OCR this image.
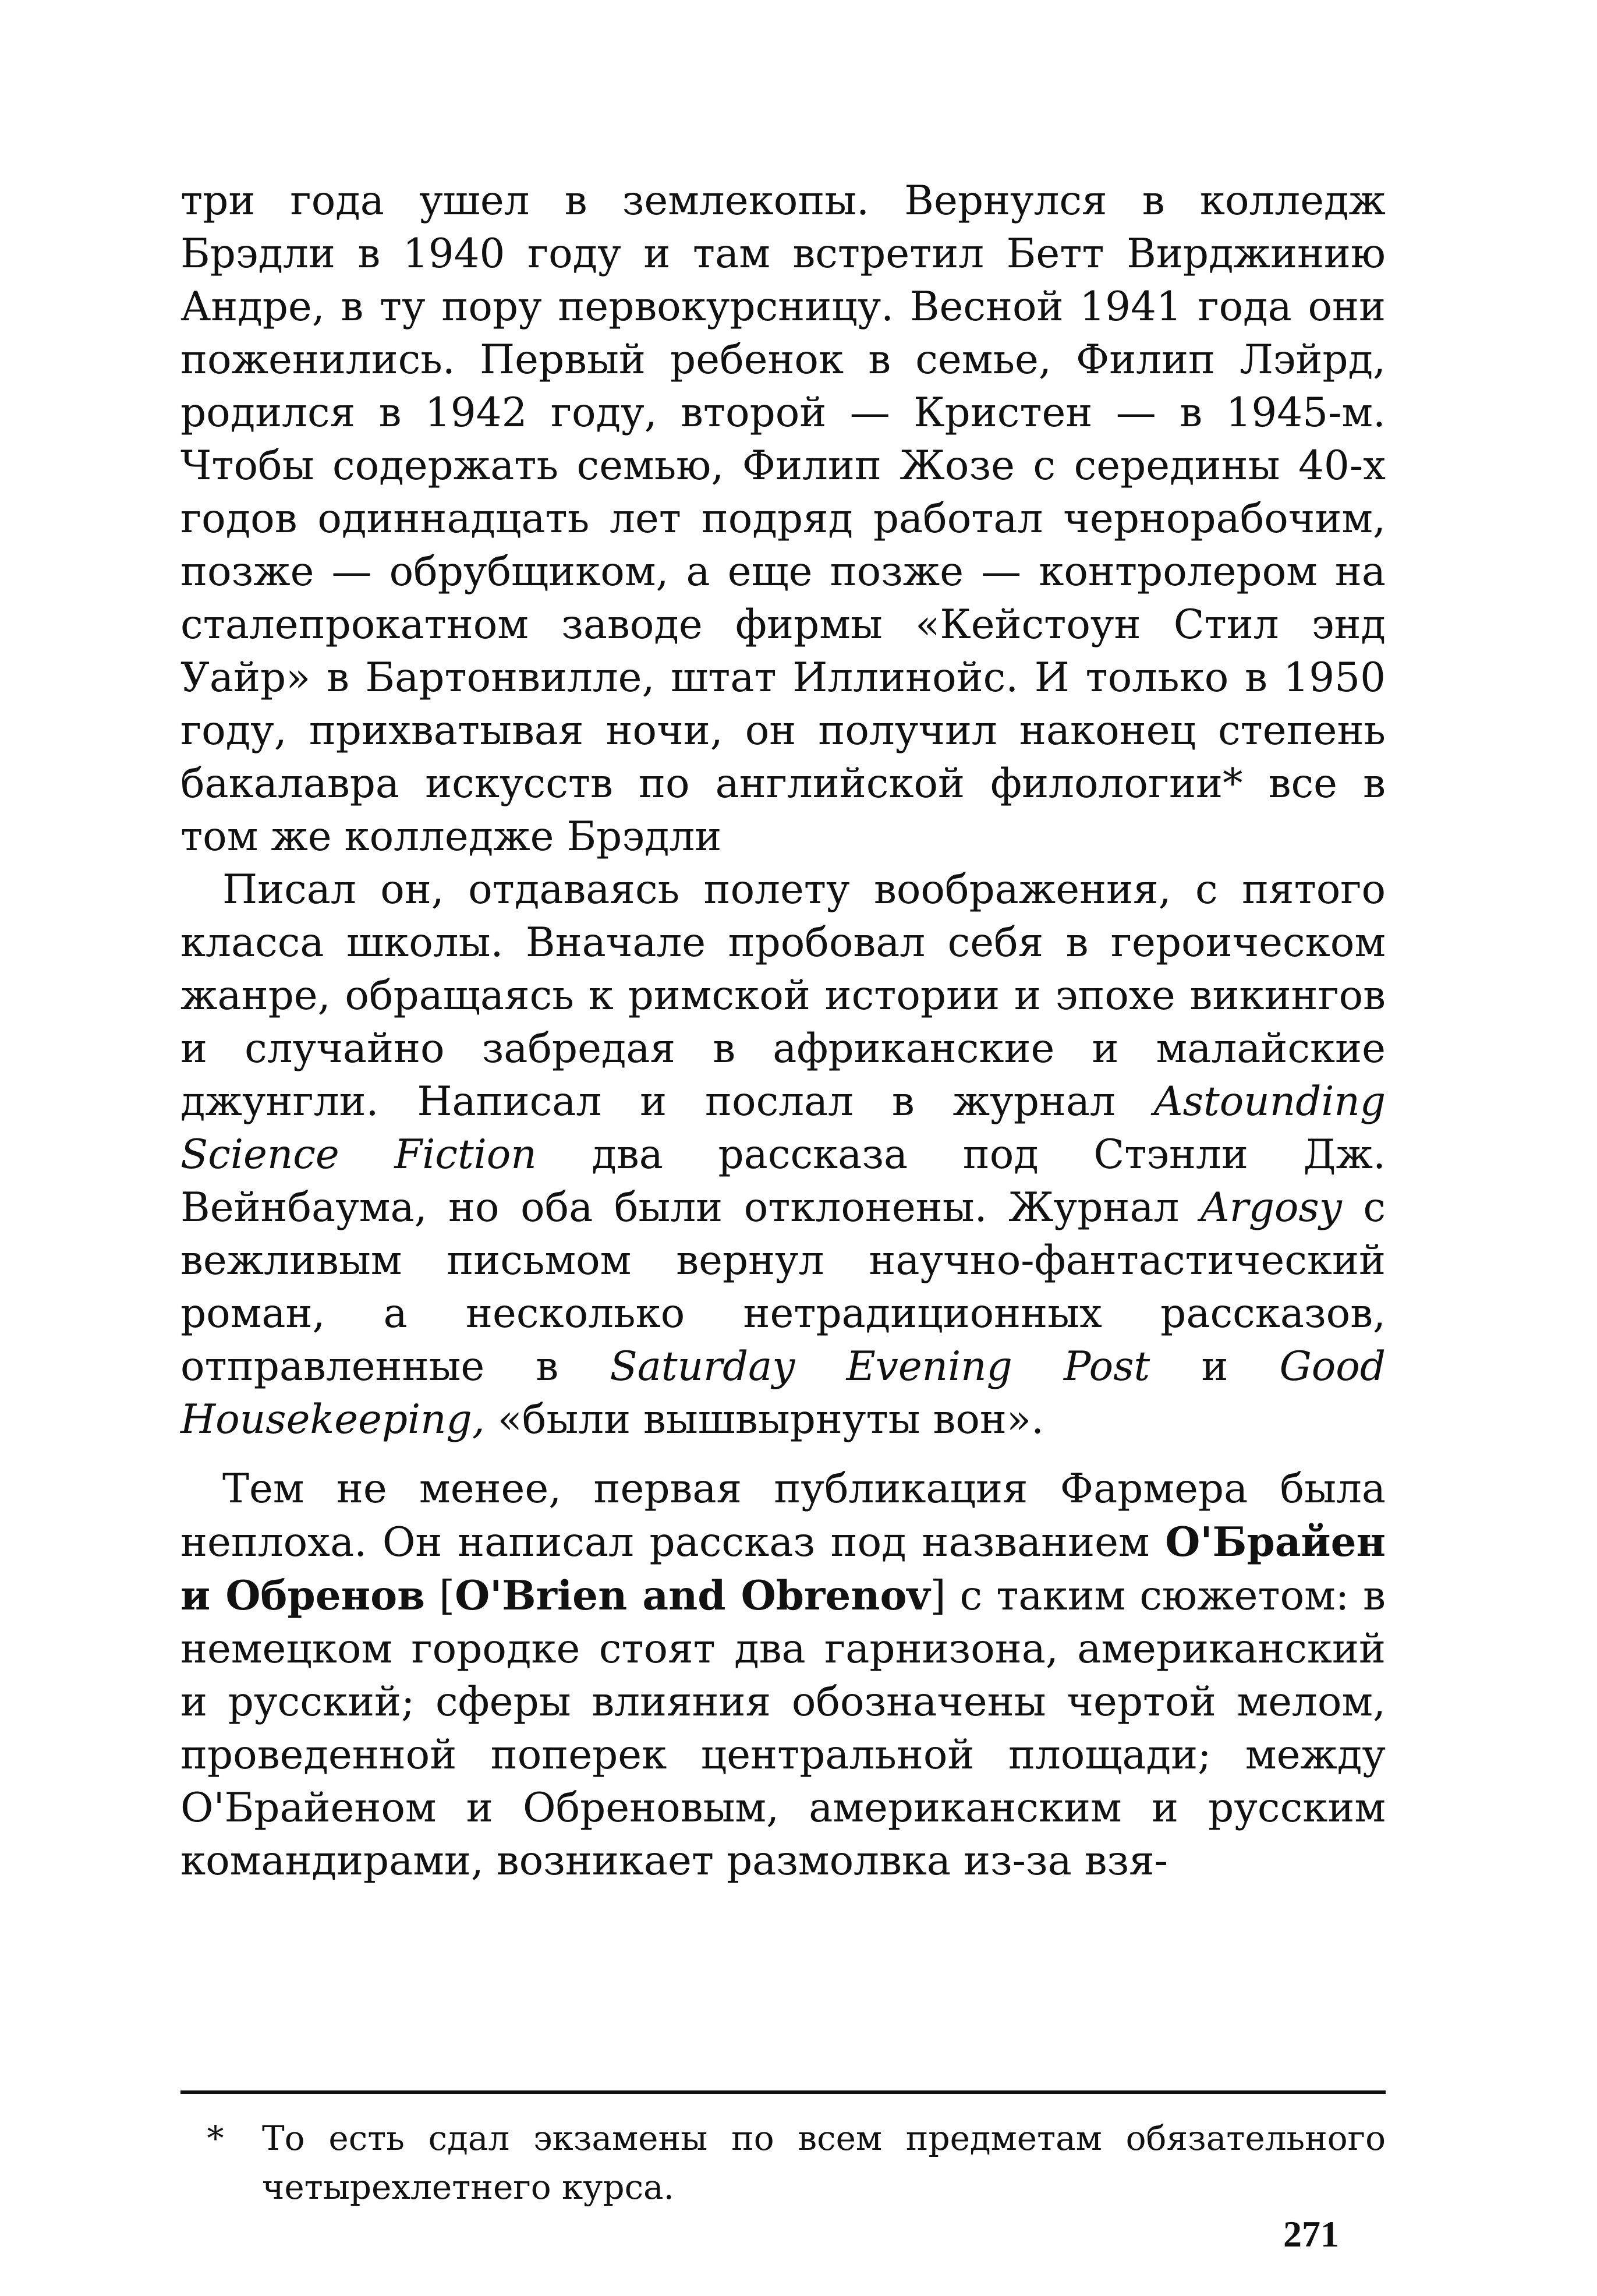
три года ушел в землекопы. Вернулся в колледж Брэдли в 1940 году и там встретил Бетт Вирджинию Андре, в ту пору первокурсницу. Весной 1941 года они поженились. Первый ребенок в семье, Филип Лэйрд, родился в 1942 году, второй — Кристен — в 1945-м. Чтобы содержать семью, Филип Жозе с середины 40-х годов одиннадцать лет подряд работал чернорабочим, позже — обрубщиком, а еще позже — контролером на сталепрокатном заводе фирмы «Кейстоун Стил энд Уайр» в Бартонвилле, штат Иллинойс. И только в 1950 году, прихватывая ночи, он получил наконец степень бакалавра искусств по английской филологии* все в том же колледже Брэдли

Писал он, отдаваясь полету воображения, с пятого класса школы. Вначале пробовал себя в героическом жанре, обращаясь к римской истории и эпохе викингов и случайно забредая в африканские и малайские джунгли. Написал и послал в журнал Astounding Science Fiction два рассказа под Стэнли Дж. Вейнбаума, но оба были отклонены. Журнал Argosy с вежливым письмом вернул научно-фантастический роман, а несколько нетрадиционных рассказов, отправленные в Saturday Evening Post и Good Housekeeping, «были вышвырнуты вон».

Тем не менее, первая публикация Фармера была неплоха. Он написал рассказ под названием О'Брайен и Обренов [O'Brien and Obrenov] с таким сюжетом: в немецком городке стоят два гарнизона, американский и русский; сферы влияния обозначены чертой мелом, проведенной поперек центральной площади; между О'Брайеном и Обреновым, американским и русским командирами, возникает размолвка из-за взя-

*	То есть сдал экзамены по всем предметам обязательного четырехлетнего курса.
271
